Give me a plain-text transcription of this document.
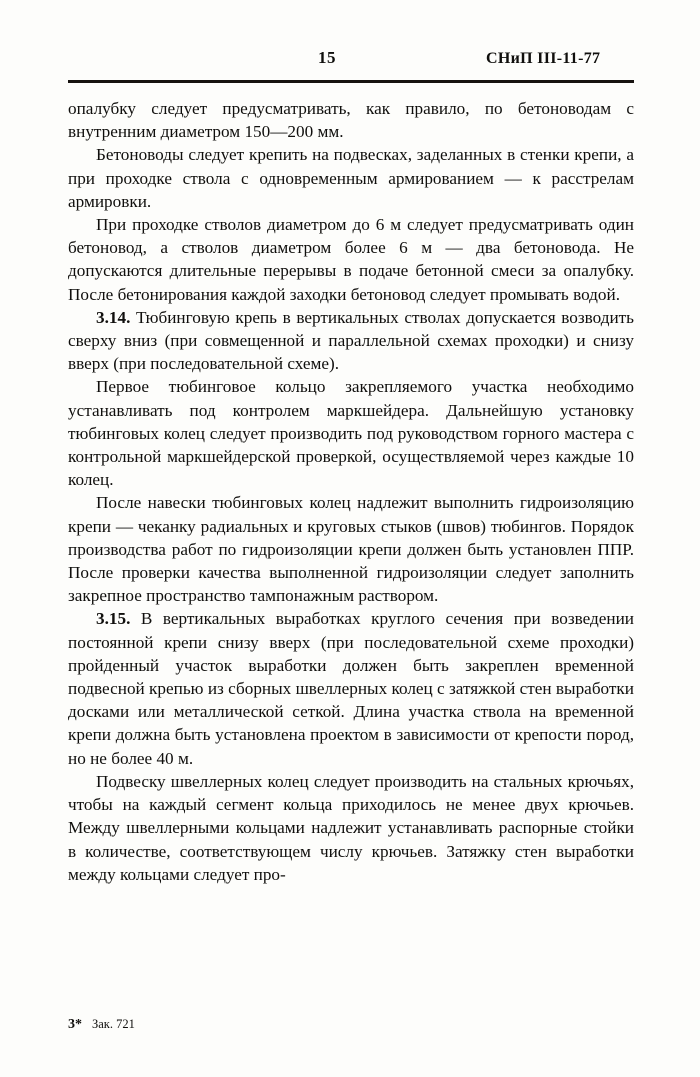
15	СНиП III-11-77

опалубку следует предусматривать, как правило, по бетоноводам с внутренним диаметром 150—200 мм.

Бетоноводы следует крепить на подвесках, заделанных в стенки крепи, а при проходке ствола с одновременным армированием — к расстрелам армировки.

При проходке стволов диаметром до 6 м следует предусматривать один бетоновод, а стволов диаметром более 6 м — два бетоновода. Не допускаются длительные перерывы в подаче бетонной смеси за опалубку. После бетонирования каждой заходки бетоновод следует промывать водой.

3.14. Тюбинговую крепь в вертикальных стволах допускается возводить сверху вниз (при совмещенной и параллельной схемах проходки) и снизу вверх (при последовательной схеме).

Первое тюбинговое кольцо закрепляемого участка необходимо устанавливать под контролем маркшейдера. Дальнейшую установку тюбинговых колец следует производить под руководством горного мастера с контрольной маркшейдерской проверкой, осуществляемой через каждые 10 колец.

После навески тюбинговых колец надлежит выполнить гидроизоляцию крепи — чеканку радиальных и круговых стыков (швов) тюбингов. Порядок производства работ по гидроизоляции крепи должен быть установлен ППР. После проверки качества выполненной гидроизоляции следует заполнить закрепное пространство тампонажным раствором.

3.15. В вертикальных выработках круглого сечения при возведении постоянной крепи снизу вверх (при последовательной схеме проходки) пройденный участок выработки должен быть закреплен временной подвесной крепью из сборных швеллерных колец с затяжкой стен выработки досками или металлической сеткой. Длина участка ствола на временной крепи должна быть установлена проектом в зависимости от крепости пород, но не более 40 м.

Подвеску швеллерных колец следует производить на стальных крючьях, чтобы на каждый сегмент кольца приходилось не менее двух крючьев. Между швеллерными кольцами надлежит устанавливать распорные стойки в количестве, соответствующем числу крючьев. Затяжку стен выработки между кольцами следует про-

3* Зак. 721
